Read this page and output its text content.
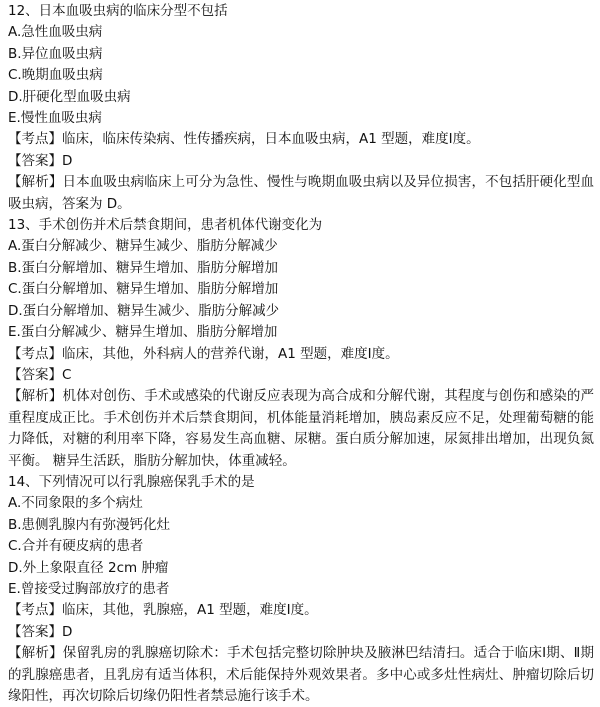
12、日本血吸虫病的临床分型不包括
A.急性血吸虫病
B.异位血吸虫病
C.晚期血吸虫病
D.肝硬化型血吸虫病
E.慢性血吸虫病
【考点】临床，临床传染病、性传播疾病，日本血吸虫病，A1 型题，难度Ⅰ度。
【答案】D
【解析】日本血吸虫病临床上可分为急性、慢性与晚期血吸虫病以及异位损害，不包括肝硬化型血吸虫病，答案为 D。
13、手术创伤并术后禁食期间，患者机体代谢变化为
A.蛋白分解减少、糖异生减少、脂肪分解减少
B.蛋白分解增加、糖异生增加、脂肪分解增加
C.蛋白分解增加、糖异生增加、脂肪分解增加
D.蛋白分解增加、糖异生减少、脂肪分解减少
E.蛋白分解减少、糖异生增加、脂肪分解增加
【考点】临床，其他，外科病人的营养代谢，A1 型题，难度Ⅰ度。
【答案】C
【解析】机体对创伤、手术或感染的代谢反应表现为高合成和分解代谢，其程度与创伤和感染的严重程度成正比。手术创伤并术后禁食期间，机体能量消耗增加，胰岛素反应不足，处理葡萄糖的能力降低，对糖的利用率下降，容易发生高血糖、尿糖。蛋白质分解加速，尿氮排出增加，出现负氮平衡。 糖异生活跃，脂肪分解加快，体重减轻。
14、下列情况可以行乳腺癌保乳手术的是
A.不同象限的多个病灶
B.患侧乳腺内有弥漫钙化灶
C.合并有硬皮病的患者
D.外上象限直径 2cm 肿瘤
E.曾接受过胸部放疗的患者
【考点】临床，其他，乳腺癌，A1 型题，难度Ⅰ度。
【答案】D
【解析】保留乳房的乳腺癌切除术：手术包括完整切除肿块及腋淋巴结清扫。适合于临床Ⅰ期、Ⅱ期的乳腺癌患者，且乳房有适当体积，术后能保持外观效果者。多中心或多灶性病灶、肿瘤切除后切缘阳性，再次切除后切缘仍阳性者禁忌施行该手术。
